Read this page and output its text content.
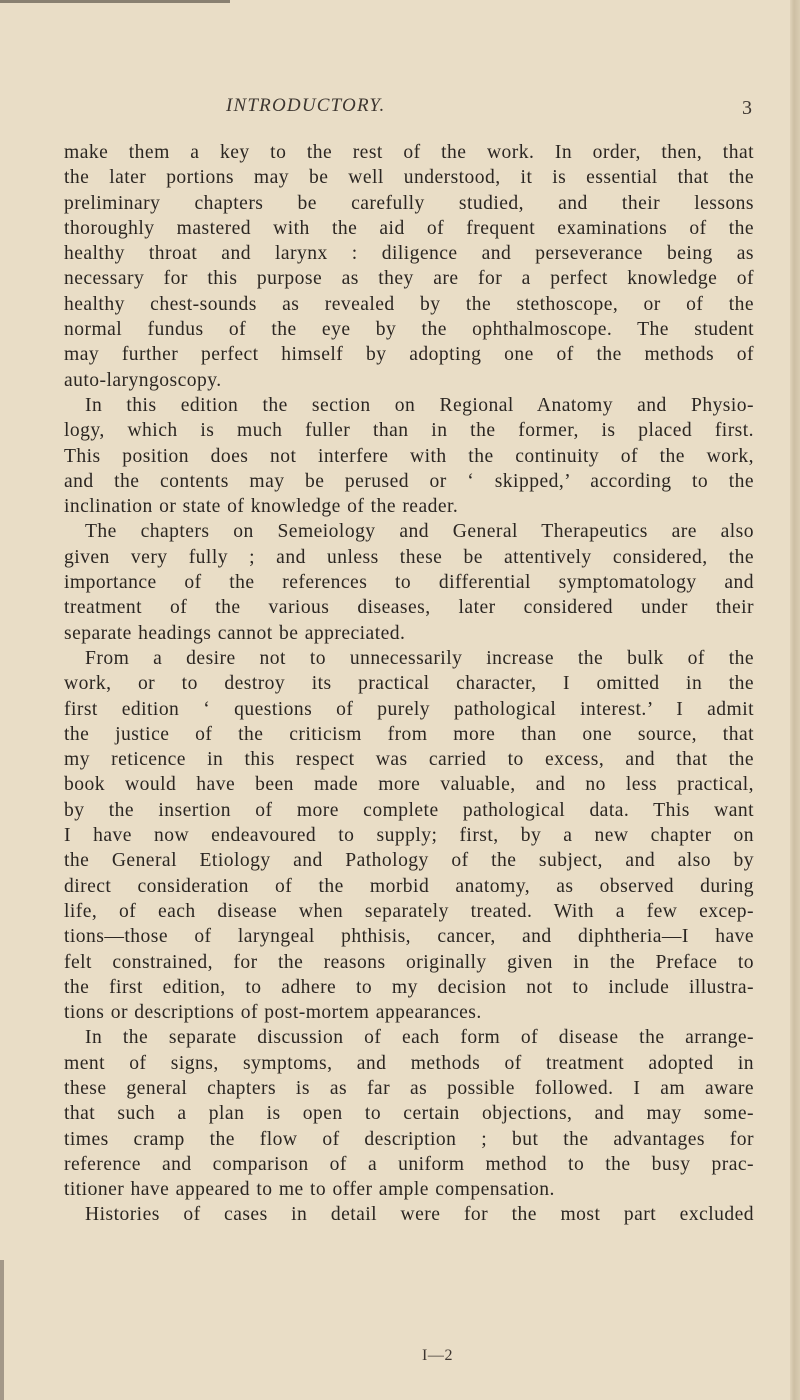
INTRODUCTORY.	3
make them a key to the rest of the work. In order, then, that
the later portions may be well understood, it is essential that the
preliminary chapters be carefully studied, and their lessons
thoroughly mastered with the aid of frequent examinations of the
healthy throat and larynx : diligence and perseverance being as
necessary for this purpose as they are for a perfect knowledge of
healthy chest-sounds as revealed by the stethoscope, or of the
normal fundus of the eye by the ophthalmoscope. The student
may further perfect himself by adopting one of the methods of
auto-laryngoscopy.
In this edition the section on Regional Anatomy and Physio-
logy, which is much fuller than in the former, is placed first.
This position does not interfere with the continuity of the work,
and the contents may be perused or ‘ skipped,’ according to the
inclination or state of knowledge of the reader.
The chapters on Semeiology and General Therapeutics are also
given very fully ; and unless these be attentively considered, the
importance of the references to differential symptomatology and
treatment of the various diseases, later considered under their
separate headings cannot be appreciated.
From a desire not to unnecessarily increase the bulk of the
work, or to destroy its practical character, I omitted in the
first edition ‘ questions of purely pathological interest.’ I admit
the justice of the criticism from more than one source, that
my reticence in this respect was carried to excess, and that the
book would have been made more valuable, and no less practical,
by the insertion of more complete pathological data. This want
I have now endeavoured to supply; first, by a new chapter on
the General Etiology and Pathology of the subject, and also by
direct consideration of the morbid anatomy, as observed during
life, of each disease when separately treated. With a few excep-
tions—those of laryngeal phthisis, cancer, and diphtheria—I have
felt constrained, for the reasons originally given in the Preface to
the first edition, to adhere to my decision not to include illustra-
tions or descriptions of post-mortem appearances.
In the separate discussion of each form of disease the arrange-
ment of signs, symptoms, and methods of treatment adopted in
these general chapters is as far as possible followed. I am aware
that such a plan is open to certain objections, and may some-
times cramp the flow of description ; but the advantages for
reference and comparison of a uniform method to the busy prac-
titioner have appeared to me to offer ample compensation.
Histories of cases in detail were for the most part excluded
I—2
